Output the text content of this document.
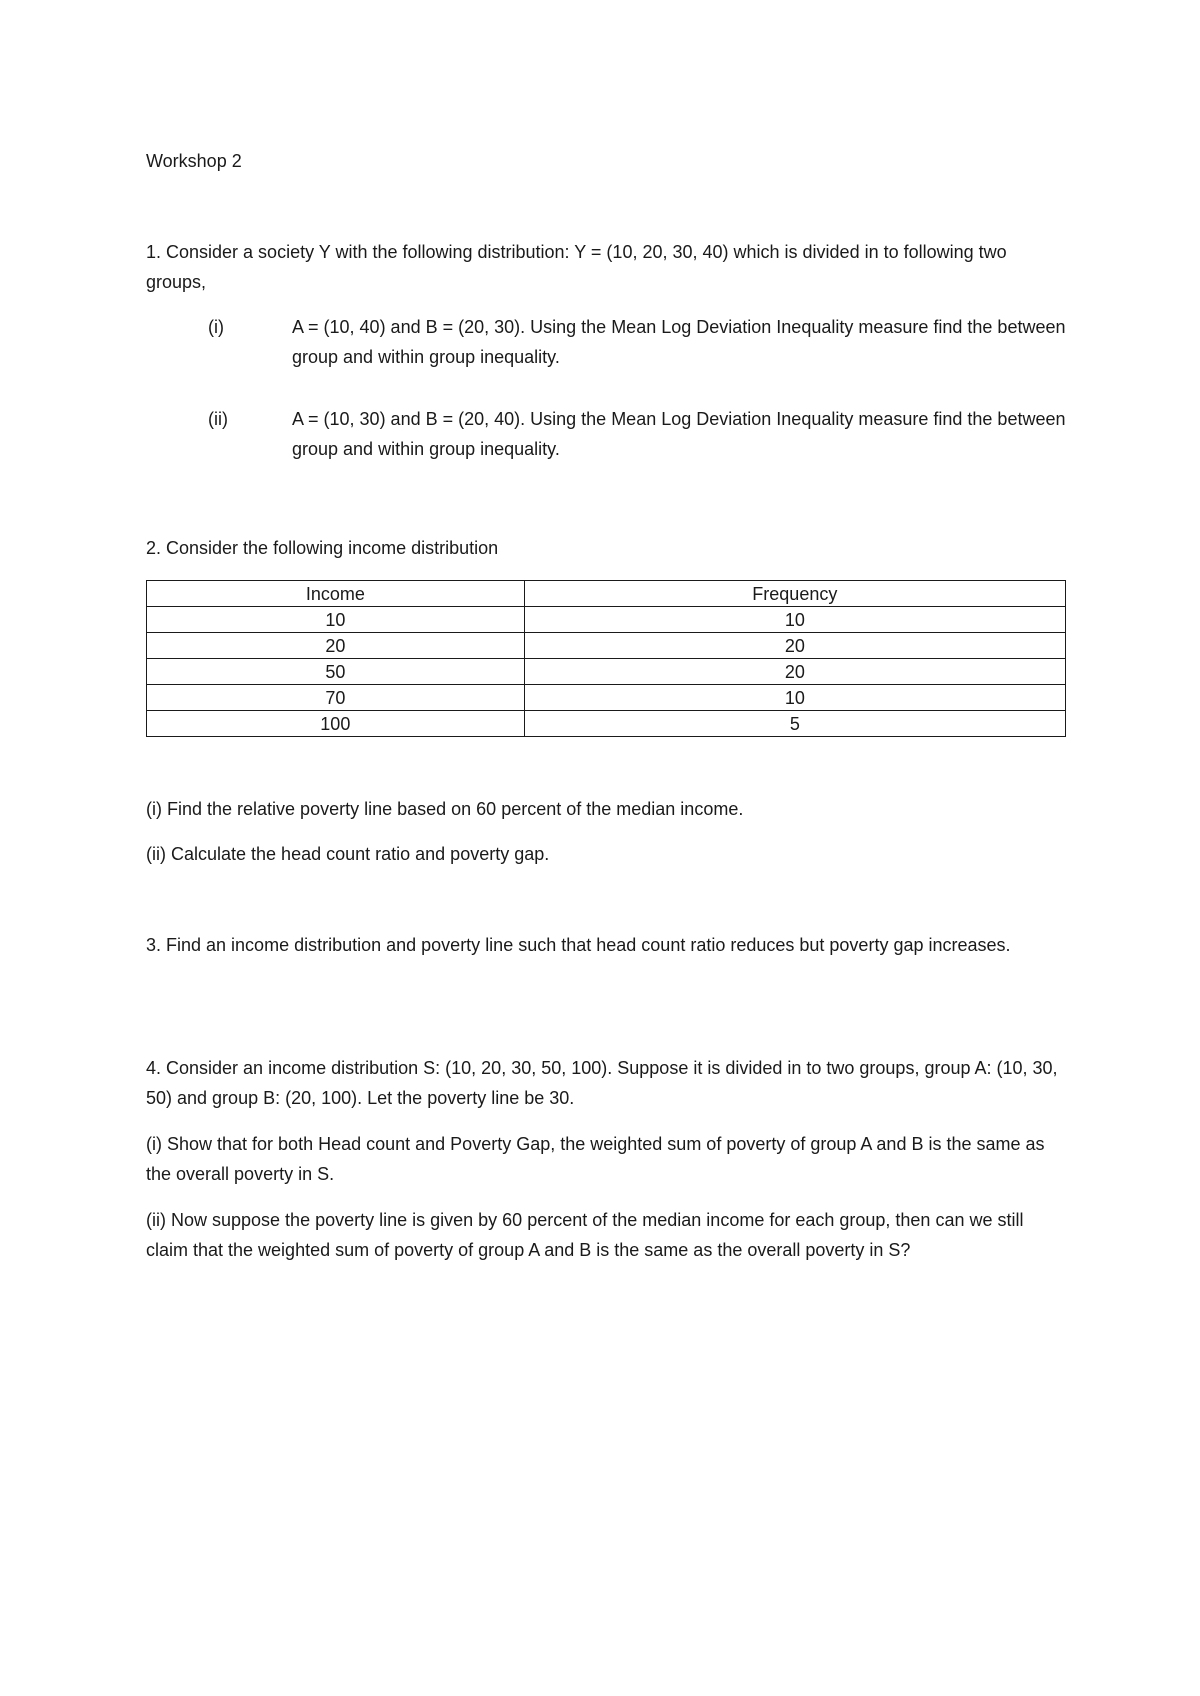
Workshop 2

1. Consider a society Y with the following distribution: Y = (10, 20, 30, 40) which is divided in to following two groups,

(i)	A = (10, 40) and B = (20, 30). Using the Mean Log Deviation Inequality measure find the between group and within group inequality.

(ii)	A = (10, 30) and B = (20, 40). Using the Mean Log Deviation Inequality measure find the between group and within group inequality.

2. Consider the following income distribution

Income	Frequency
10	10
20	20
50	20
70	10
100	5

(i) Find the relative poverty line based on 60 percent of the median income.

(ii) Calculate the head count ratio and poverty gap.

3. Find an income distribution and poverty line such that head count ratio reduces but poverty gap increases.

4. Consider an income distribution S: (10, 20, 30, 50, 100). Suppose it is divided in to two groups, group A: (10, 30, 50) and group B: (20, 100). Let the poverty line be 30.

(i) Show that for both Head count and Poverty Gap, the weighted sum of poverty of group A and B is the same as the overall poverty in S.

(ii) Now suppose the poverty line is given by 60 percent of the median income for each group, then can we still claim that the weighted sum of poverty of group A and B is the same as the overall poverty in S?
